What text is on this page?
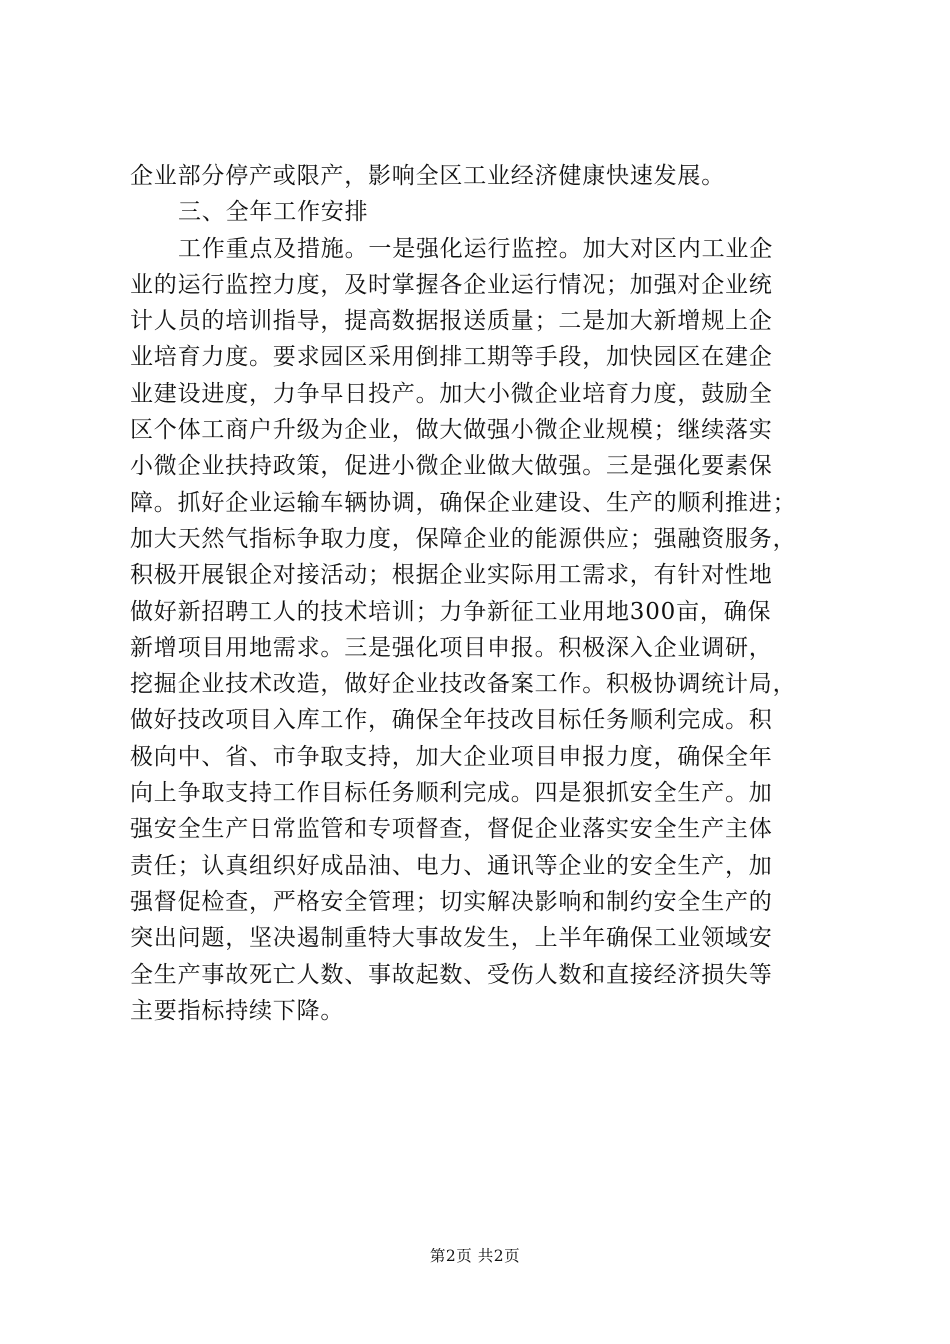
企业部分停产或限产，影响全区工业经济健康快速发展。
三、全年工作安排
工作重点及措施。一是强化运行监控。加大对区内工业企
业的运行监控力度，及时掌握各企业运行情况；加强对企业统
计人员的培训指导，提高数据报送质量；二是加大新增规上企
业培育力度。要求园区采用倒排工期等手段，加快园区在建企
业建设进度，力争早日投产。加大小微企业培育力度，鼓励全
区个体工商户升级为企业，做大做强小微企业规模；继续落实
小微企业扶持政策，促进小微企业做大做强。三是强化要素保
障。抓好企业运输车辆协调，确保企业建设、生产的顺利推进；
加大天然气指标争取力度，保障企业的能源供应；强融资服务，
积极开展银企对接活动；根据企业实际用工需求，有针对性地
做好新招聘工人的技术培训；力争新征工业用地300亩，确保
新增项目用地需求。三是强化项目申报。积极深入企业调研，
挖掘企业技术改造，做好企业技改备案工作。积极协调统计局，
做好技改项目入库工作，确保全年技改目标任务顺利完成。积
极向中、省、市争取支持，加大企业项目申报力度，确保全年
向上争取支持工作目标任务顺利完成。四是狠抓安全生产。加
强安全生产日常监管和专项督查，督促企业落实安全生产主体
责任；认真组织好成品油、电力、通讯等企业的安全生产，加
强督促检查，严格安全管理；切实解决影响和制约安全生产的
突出问题，坚决遏制重特大事故发生，上半年确保工业领域安
全生产事故死亡人数、事故起数、受伤人数和直接经济损失等
主要指标持续下降。
第2页 共2页
